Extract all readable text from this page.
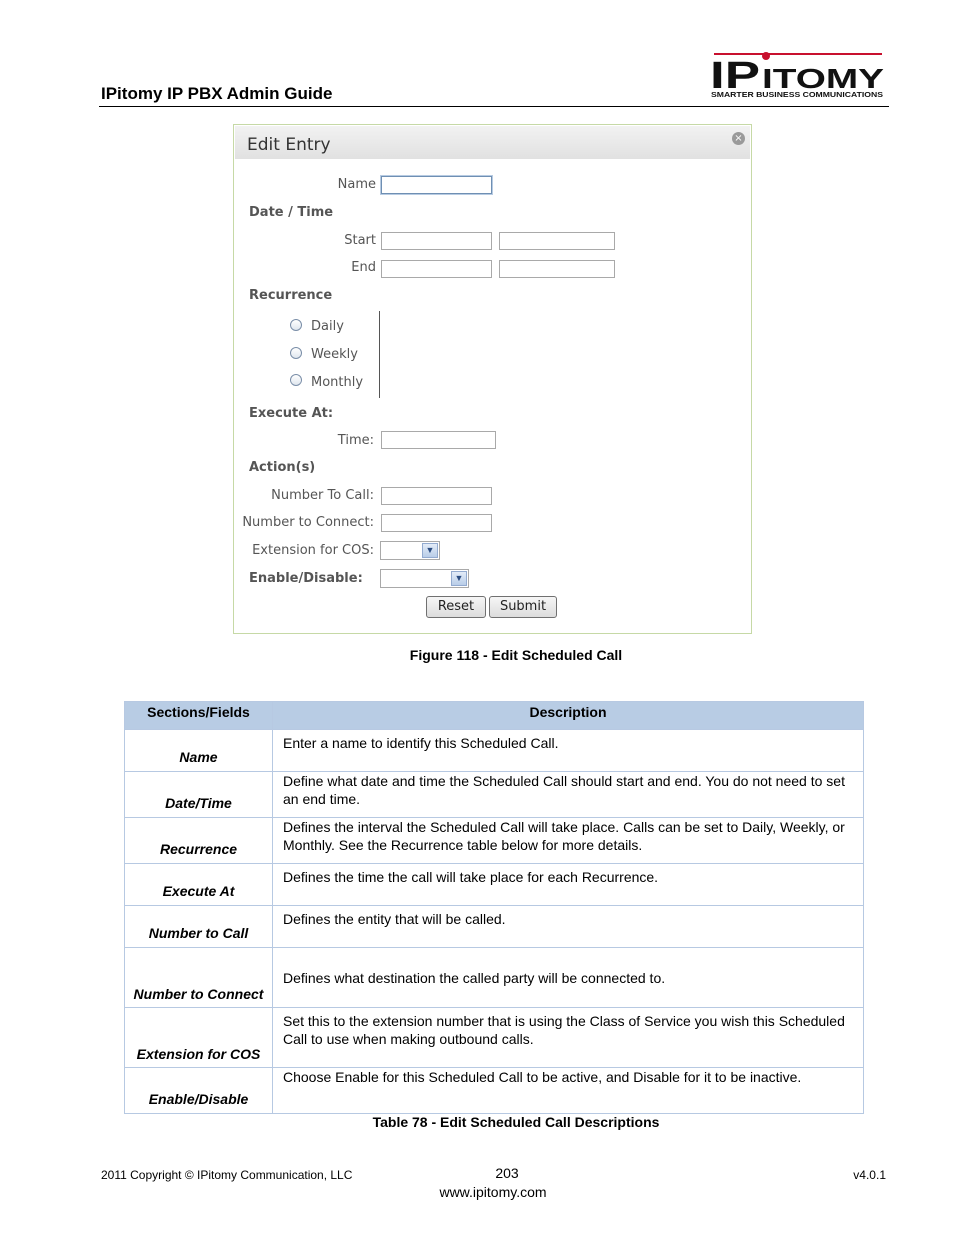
IPitomy IP PBX Admin Guide	IP ITOMY
SMARTER BUSINESS COMMUNICATIONS
Edit Entry	×
Name
Date / Time
Start
End
Recurrence
Daily
Weekly
Monthly
Execute At:
Time:
Action(s)
Number To Call:
Number to Connect:
Extension for COS:	▼
Enable/Disable:	▼
Reset	Submit
Figure 118 - Edit Scheduled Call
Sections/Fields	Description
Name	Enter a name to identify this Scheduled Call.
Date/Time	Define what date and time the Scheduled Call should start and end. You do not need to set an end time.
Recurrence	Defines the interval the Scheduled Call will take place. Calls can be set to Daily, Weekly, or Monthly. See the Recurrence table below for more details.
Execute At	Defines the time the call will take place for each Recurrence.
Number to Call	Defines the entity that will be called.
Number to Connect	Defines what destination the called party will be connected to.
Extension for COS	Set this to the extension number that is using the Class of Service you wish this Scheduled Call to use when making outbound calls.
Enable/Disable	Choose Enable for this Scheduled Call to be active, and Disable for it to be inactive.
Table 78 - Edit Scheduled Call Descriptions
2011 Copyright © IPitomy Communication, LLC	203
www.ipitomy.com
v4.0.1
